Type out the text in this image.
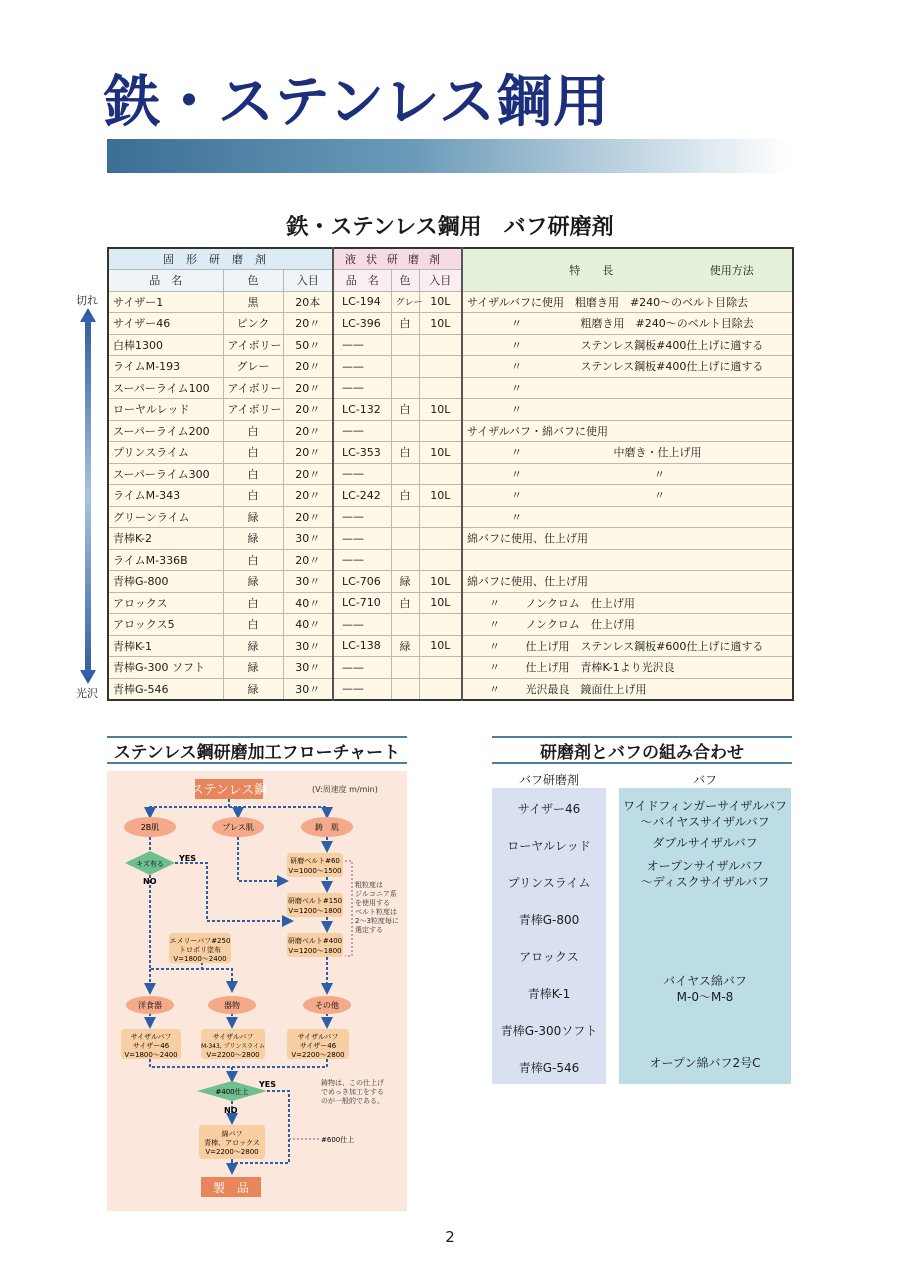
鉄・ステンレス鋼用
鉄・ステンレス鋼用　バフ研磨剤
切れ
光沢
固形研磨剤			液状研磨剤			特　　長 使用方法
品　名	色	入目	品　名	色	入目	
サイザー1	黒	20本	LC-194	グレー	10L	サイザルバフに使用　粗磨き用　#240～のベルト目除去
サイザー46	ピンク	20〃	LC-396	白	10L	　　　　〃　　　　　 粗磨き用　#240～のベルト目除去
白棒1300	アイボリー	50〃	——			　　　　〃　　　　　 ステンレス鋼板#400仕上げに適する
ライムM-193	グレー	20〃	——			　　　　〃　　　　　 ステンレス鋼板#400仕上げに適する
スーパーライム100	アイボリー	20〃	——			　　　　〃
ローヤルレッド	アイボリー	20〃	LC-132	白	10L	　　　　〃
スーパーライム200	白	20〃	——			サイザルバフ・綿バフに使用
プリンスライム	白	20〃	LC-353	白	10L	　　　　〃　　　　　　　　 中磨き・仕上げ用
スーパーライム300	白	20〃	——			　　　　〃　　　　　　　　　　　　〃
ライムM-343	白	20〃	LC-242	白	10L	　　　　〃　　　　　　　　　　　　〃
グリーンライム	緑	20〃	——			　　　　〃
青棒K-2	緑	30〃	——			綿バフに使用、仕上げ用
ライムM-336B	白	20〃	——			
青棒G-800	緑	30〃	LC-706	緑	10L	綿バフに使用、仕上げ用
アロックス	白	40〃	LC-710	白	10L	　　〃　　 ノンクロム　仕上げ用
アロックス5	白	40〃	——			　　〃　　 ノンクロム　仕上げ用
青棒K-1	緑	30〃	LC-138	緑	10L	　　〃　　 仕上げ用　ステンレス鋼板#600仕上げに適する
青棒G-300 ソフト	緑	30〃	——			　　〃　　 仕上げ用　青棒K-1より光沢良
青棒G-546	緑	30〃	——			　　〃　　 光沢最良　鏡面仕上げ用
ステンレス鋼研磨加工フローチャート
ステンレス鋼	(V:周速度 m/min)
2B肌	プレス肌	鋳　肌
キズ有る
YES
NO
研磨ベルト#60
V=1000～1500
研磨ベルト#150
V=1200～1800
研磨ベルト#400
V=1200～1800
粗粒度は
ジルコニア系
を使用する
ベルト粒度は
2～3粒度毎に
選定する
エメリーバフ#250
トロポリ塗布
V=1800～2400
洋食器	器物	その他
サイザルバフ
サイザー46
V=1800～2400
サイザルバフ
M-343, プリンスライム
V=2200～2800
サイザルバフ
サイザー46
V=2200～2800
#400仕上
YES
NO
鋳物は、この仕上げ
でめっき加工をする
のが一般的である。
綿バフ
青棒、アロックス
V=2200～2800
#600仕上
製　品
研磨剤とバフの組み合わせ
バフ研磨剤	バフ
サイザー46
ローヤルレッド
プリンスライム
青棒G-800
アロックス
青棒K-1
青棒G-300ソフト
青棒G-546
ワイドフィンガーサイザルバフ
～バイヤスサイザルバフ
ダブルサイザルバフ
オープンサイザルバフ
～ディスクサイザルバフ
バイヤス綿バフ
M-0～M-8
オープン綿バフ2号C
2
